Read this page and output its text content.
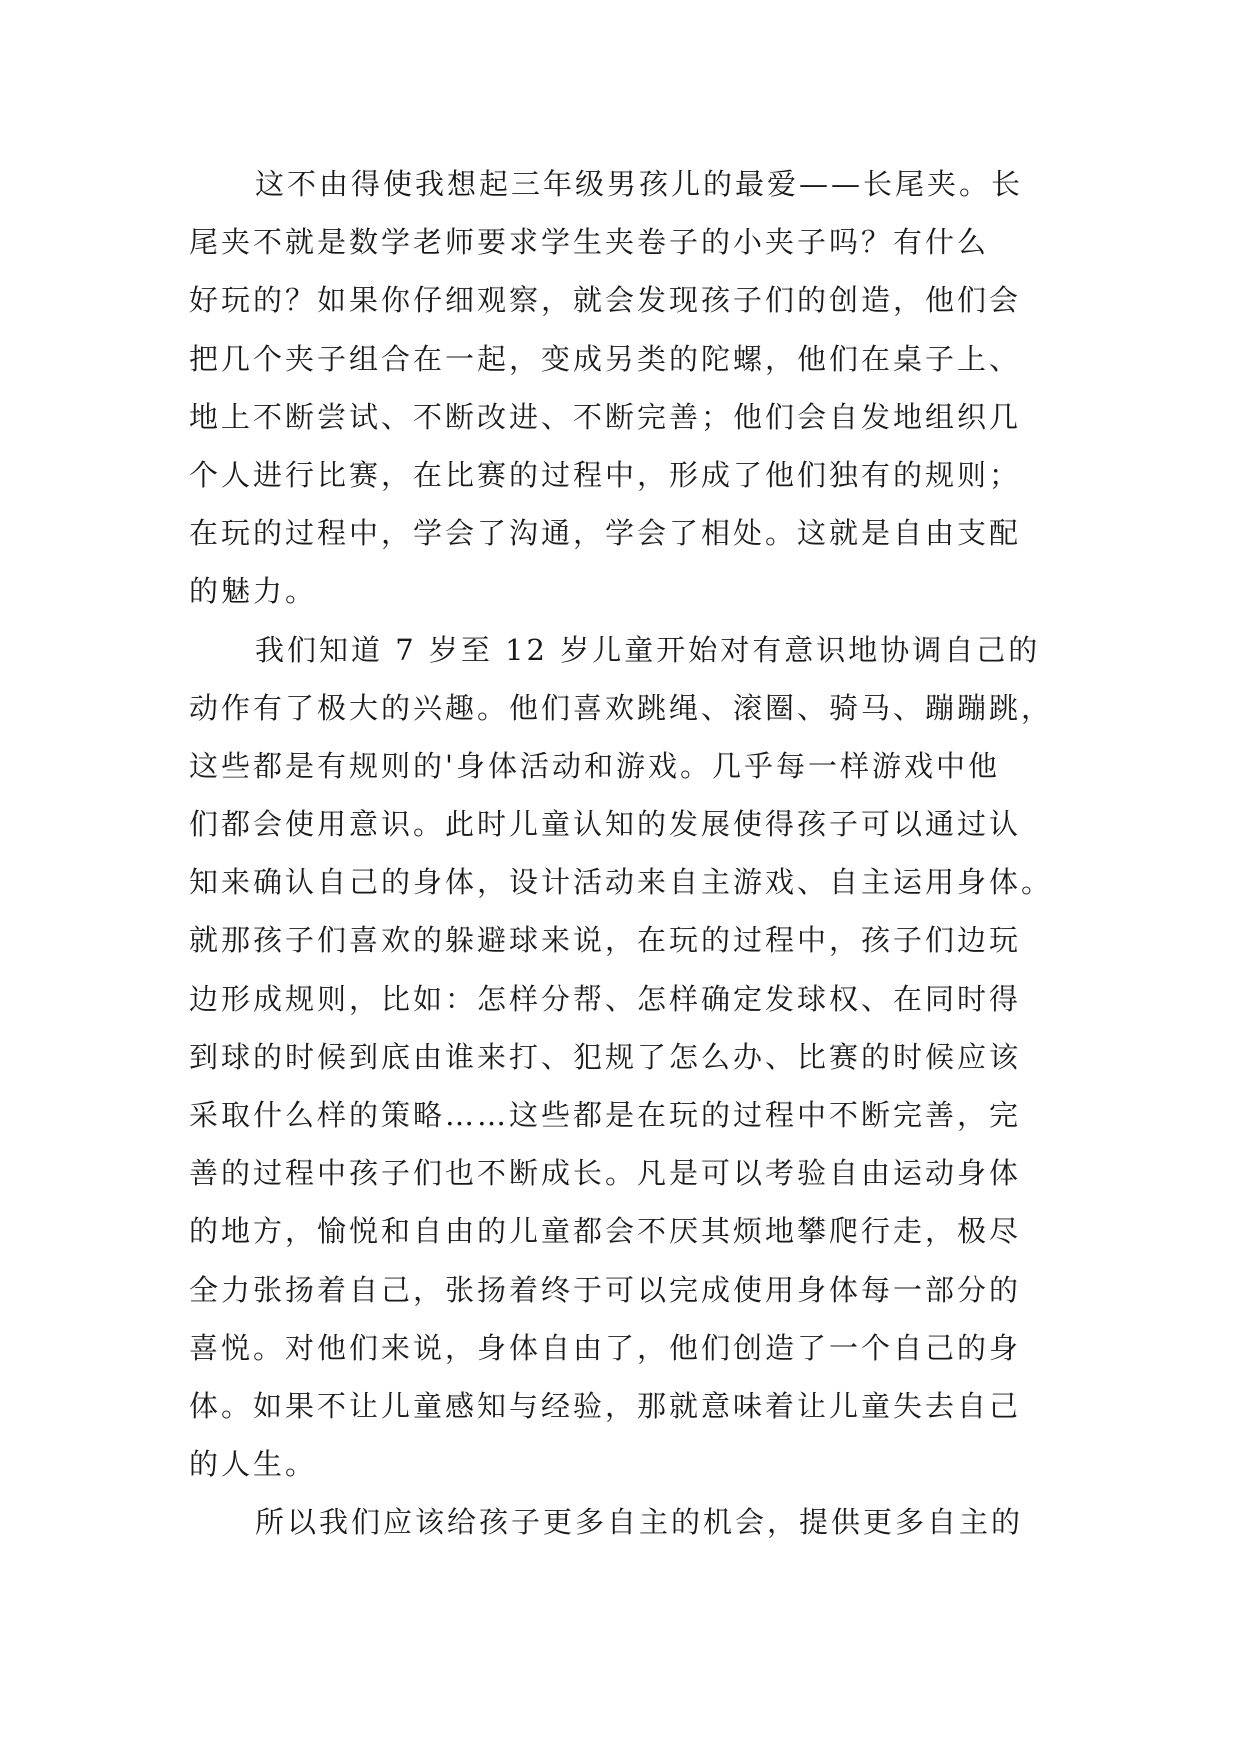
这不由得使我想起三年级男孩儿的最爱——长尾夹。长
尾夹不就是数学老师要求学生夹卷子的小夹子吗？有什么
好玩的？如果你仔细观察，就会发现孩子们的创造，他们会
把几个夹子组合在一起，变成另类的陀螺，他们在桌子上、
地上不断尝试、不断改进、不断完善；他们会自发地组织几
个人进行比赛，在比赛的过程中，形成了他们独有的规则；
在玩的过程中，学会了沟通，学会了相处。这就是自由支配
的魅力。
我们知道 7 岁至 12 岁儿童开始对有意识地协调自己的
动作有了极大的兴趣。他们喜欢跳绳、滚圈、骑马、蹦蹦跳，
这些都是有规则的'身体活动和游戏。几乎每一样游戏中他
们都会使用意识。此时儿童认知的发展使得孩子可以通过认
知来确认自己的身体，设计活动来自主游戏、自主运用身体。
就那孩子们喜欢的躲避球来说，在玩的过程中，孩子们边玩
边形成规则，比如：怎样分帮、怎样确定发球权、在同时得
到球的时候到底由谁来打、犯规了怎么办、比赛的时候应该
采取什么样的策略……这些都是在玩的过程中不断完善，完
善的过程中孩子们也不断成长。凡是可以考验自由运动身体
的地方，愉悦和自由的儿童都会不厌其烦地攀爬行走，极尽
全力张扬着自己，张扬着终于可以完成使用身体每一部分的
喜悦。对他们来说，身体自由了，他们创造了一个自己的身
体。如果不让儿童感知与经验，那就意味着让儿童失去自己
的人生。
所以我们应该给孩子更多自主的机会，提供更多自主的
